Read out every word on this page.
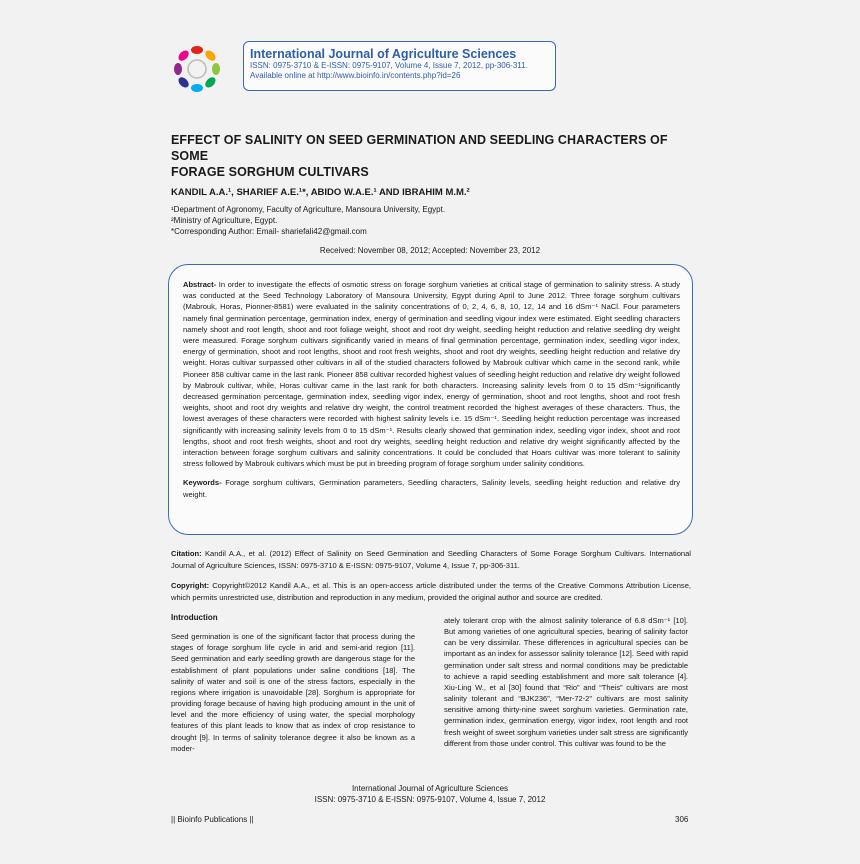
International Journal of Agriculture Sciences
ISSN: 0975-3710 & E-ISSN: 0975-9107, Volume 4, Issue 7, 2012, pp-306-311.
Available online at http://www.bioinfo.in/contents.php?id=26
EFFECT OF SALINITY ON SEED GERMINATION AND SEEDLING CHARACTERS OF SOME
FORAGE SORGHUM CULTIVARS
KANDIL A.A.¹, SHARIEF A.E.¹*, ABIDO W.A.E.¹ AND IBRAHIM M.M.²
¹Department of Agronomy, Faculty of Agriculture, Mansoura University, Egypt.
²Ministry of Agriculture, Egypt.
*Corresponding Author: Email- shariefali42@gmail.com
Received: November 08, 2012; Accepted: November 23, 2012
Abstract- In order to investigate the effects of osmotic stress on forage sorghum varieties at critical stage of germination to salinity stress. A study was conducted at the Seed Technology Laboratory of Mansoura University, Egypt during April to June 2012. Three forage sorghum cultivars (Mabrouk, Horas, Pionner-8581) were evaluated in the salinity concentrations of 0, 2, 4, 6, 8, 10, 12, 14 and 16 dSm⁻¹ NaCl. Four parameters namely final germination percentage, germination index, energy of germination and seedling vigour index were estimated. Eight seedling characters namely shoot and root length, shoot and root foliage weight, shoot and root dry weight, seedling height reduction and relative seedling dry weight were measured. Forage sorghum cultivars significantly varied in means of final germination percentage, germination index, seedling vigor index, energy of germination, shoot and root lengths, shoot and root fresh weights, shoot and root dry weights, seedling height reduction and relative dry weight. Horas cultivar surpassed other cultivars in all of the studied characters followed by Mabrouk cultivar which came in the second rank, while Pioneer 858 cultivar came in the last rank. Pioneer 858 cultivar recorded highest values of seedling height reduction and relative dry weight followed by Mabrouk cultivar, while, Horas cultivar came in the last rank for both characters. Increasing salinity levels from 0 to 15 dSm⁻¹significantly decreased germination percentage, germination index, seedling vigor index, energy of germination, shoot and root lengths, shoot and root fresh weights, shoot and root dry weights and relative dry weight, the control treatment recorded the highest averages of these characters. Thus, the lowest averages of these characters were recorded with highest salinity levels i.e. 15 dSm⁻¹. Seedling height reduction percentage was increased significantly with increasing salinity levels from 0 to 15 dSm⁻¹. Results clearly showed that germination index, seedling vigor index, shoot and root lengths, shoot and root fresh weights, shoot and root dry weights, seedling height reduction and relative dry weight significantly affected by the interaction between forage sorghum cultivars and salinity concentrations. It could be concluded that Hoars cultivar was more tolerant to salinity stress followed by Mabrouk cultivars which must be put in breeding program of forage sorghum under salinity conditions.
Keywords- Forage sorghum cultivars, Germination parameters, Seedling characters, Salinity levels, seedling height reduction and relative dry weight.
Citation: Kandil A.A., et al. (2012) Effect of Salinity on Seed Germination and Seedling Characters of Some Forage Sorghum Cultivars. International Journal of Agriculture Sciences, ISSN: 0975-3710 & E-ISSN: 0975-9107, Volume 4, Issue 7, pp-306-311.
Copyright: Copyright©2012 Kandil A.A., et al. This is an open-access article distributed under the terms of the Creative Commons Attribution License, which permits unrestricted use, distribution and reproduction in any medium, provided the original author and source are credited.
Introduction
Seed germination is one of the significant factor that process during the stages of forage sorghum life cycle in arid and semi-arid region [11]. Seed germination and early seedling growth are dangerous stage for the establishment of plant populations under saline conditions [18]. The salinity of water and soil is one of the stress factors, especially in the regions where irrigation is unavoidable [28]. Sorghum is appropriate for providing forage because of having high producing amount in the unit of level and the more efficiency of using water, the special morphology features of this plant leads to know that as index of crop resistance to drought [9]. In terms of salinity tolerance degree it also be known as a moder-
ately tolerant crop with the almost salinity tolerance of 6.8 dSm⁻¹ [10]. But among varieties of one agricultural species, bearing of salinity factor can be very dissimilar. These differences in agricultural species can be important as an index for assessor salinity tolerance [12]. Seed with rapid germination under salt stress and normal conditions may be predictable to achieve a rapid seedling establishment and more salt tolerance [4]. Xiu-Ling W., et al [30] found that “Rio” and “Theis” cultivars are most salinity tolerant and “BJK236”, “Mer-72-2” cultivars are most salinity sensitive among thirty-nine sweet sorghum varieties. Germination rate, germination index, germination energy, vigor index, root length and root fresh weight of sweet sorghum varieties under salt stress are significantly different from those under control. This cultivar was found to be the
International Journal of Agriculture Sciences
ISSN: 0975-3710 & E-ISSN: 0975-9107, Volume 4, Issue 7, 2012
|| Bioinfo Publications ||	306
